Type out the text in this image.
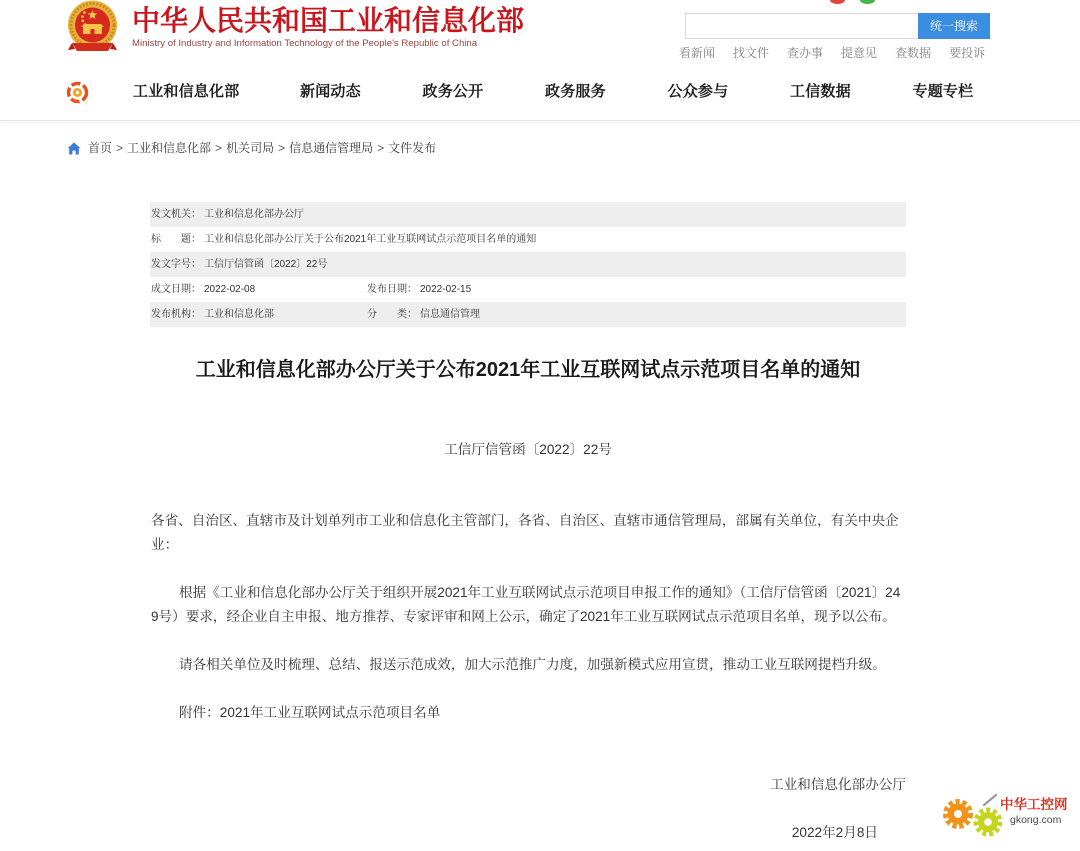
中华人民共和国工业和信息化部
Ministry of Industry and Information Technology of the People's Republic of China
统一搜索
看新闻 找文件 查办事 提意见 查数据 要投诉
工业和信息化部	新闻动态	政务公开	政务服务	公众参与	工信数据	专题专栏
首页 > 工业和信息化部 > 机关司局 > 信息通信管理局 > 文件发布
发文机关： 工业和信息化部办公厅
标　　题： 工业和信息化部办公厅关于公布2021年工业互联网试点示范项目名单的通知
发文字号： 工信厅信管函〔2022〕22号
成文日期： 2022-02-08	发布日期： 2022-02-15
发布机构： 工业和信息化部	分　　类： 信息通信管理
工业和信息化部办公厅关于公布2021年工业互联网试点示范项目名单的通知
工信厅信管函〔2022〕22号

各省、自治区、直辖市及计划单列市工业和信息化主管部门，各省、自治区、直辖市通信管理局，部属有关单位，有关中央企业：

根据《工业和信息化部办公厅关于组织开展2021年工业互联网试点示范项目申报工作的通知》（工信厅信管函〔2021〕249号）要求，经企业自主申报、地方推荐、专家评审和网上公示，确定了2021年工业互联网试点示范项目名单，现予以公布。

请各相关单位及时梳理、总结、报送示范成效，加大示范推广力度，加强新模式应用宣贯，推动工业互联网提档升级。

附件：2021年工业互联网试点示范项目名单

工业和信息化部办公厅
2022年2月8日
中华工控网
gkong.com
